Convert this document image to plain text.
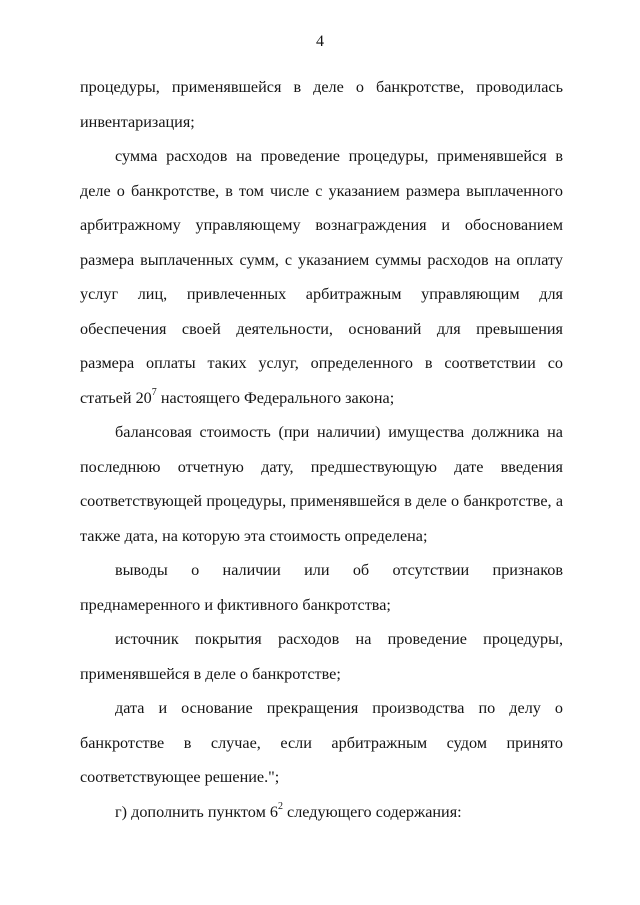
4

процедуры, применявшейся в деле о банкротстве, проводилась инвентаризация;

сумма расходов на проведение процедуры, применявшейся в деле о банкротстве, в том числе с указанием размера выплаченного арбитражному управляющему вознаграждения и обоснованием размера выплаченных сумм, с указанием суммы расходов на оплату услуг лиц, привлеченных арбитражным управляющим для обеспечения своей деятельности, оснований для превышения размера оплаты таких услуг, определенного в соответствии со статьей $20^7$ настоящего Федерального закона;

балансовая стоимость (при наличии) имущества должника на последнюю отчетную дату, предшествующую дате введения соответствующей процедуры, применявшейся в деле о банкротстве, а также дата, на которую эта стоимость определена;

выводы о наличии или об отсутствии признаков преднамеренного и фиктивного банкротства;

источник покрытия расходов на проведение процедуры, применявшейся в деле о банкротстве;

дата и основание прекращения производства по делу о банкротстве в случае, если арбитражным судом принято соответствующее решение.";

г) дополнить пунктом $6^2$ следующего содержания:
